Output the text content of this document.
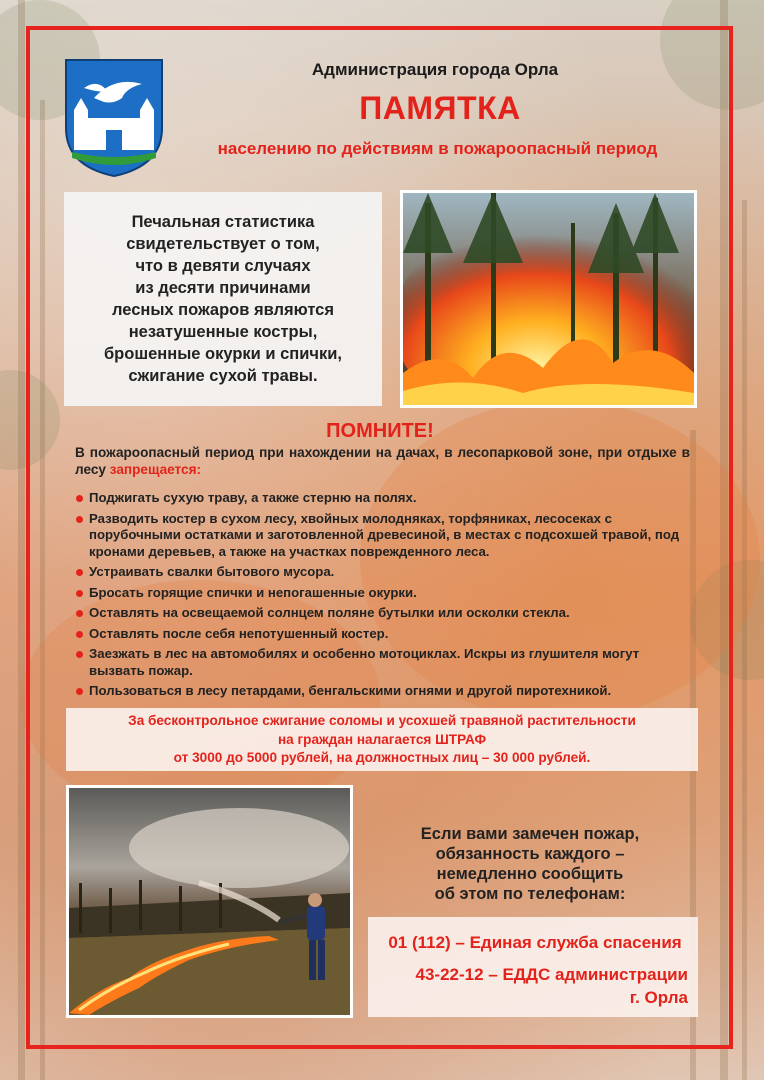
Администрация города Орла
ПАМЯТКА
населению по действиям в пожароопасный период
Печальная статистика
свидетельствует о том,
что в девяти случаях
из десяти причинами
лесных пожаров являются
незатушенные костры,
брошенные окурки и спички,
сжигание сухой травы.
ПОМНИТЕ!
В пожароопасный период при нахождении на дачах, в лесопарковой зоне, при отдыхе в лесу запрещается:
Поджигать сухую траву, а также стерню на полях.
Разводить костер в сухом лесу, хвойных молодняках, торфяниках, лесосеках с порубочными остатками и заготовленной древесиной, в местах с подсохшей травой, под кронами деревьев, а также на участках поврежденного леса.
Устраивать свалки бытового мусора.
Бросать горящие спички и непогашенные окурки.
Оставлять на освещаемой солнцем поляне бутылки или осколки стекла.
Оставлять после себя непотушенный костер.
Заезжать в лес на автомобилях и особенно мотоциклах. Искры из глушителя могут вызвать пожар.
Пользоваться в лесу петардами, бенгальскими огнями и другой пиротехникой.
За бесконтрольное сжигание соломы и усохшей травяной растительности
на граждан налагается ШТРАФ
от 3000 до 5000 рублей, на должностных лиц – 30 000 рублей.
Если вами замечен пожар,
обязанность каждого –
немедленно сообщить
об этом по телефонам:
01 (112) – Единая служба спасения
43-22-12 – ЕДДС администрации
г. Орла
